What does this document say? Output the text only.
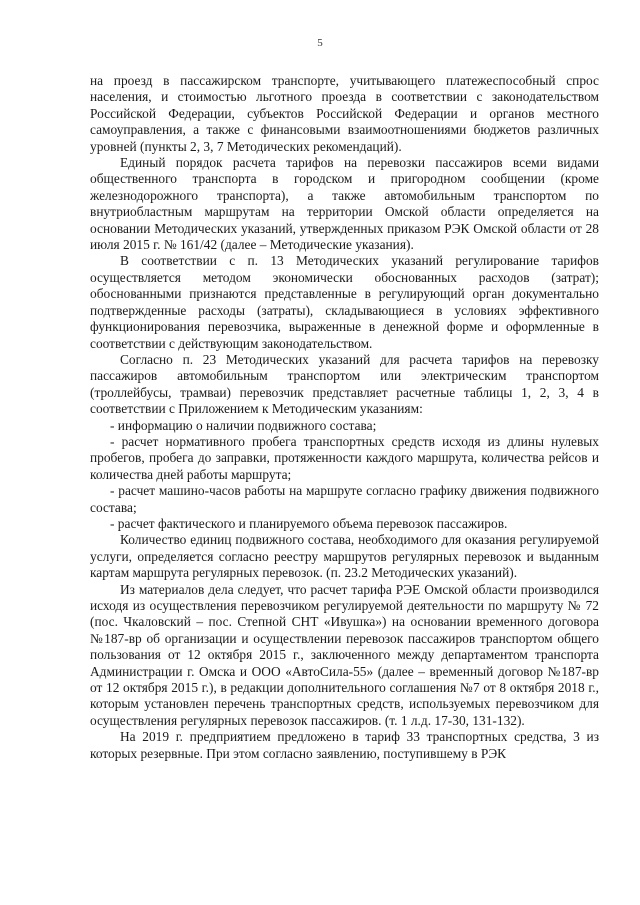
5

на проезд в пассажирском транспорте, учитывающего платежеспособный спрос населения, и стоимостью льготного проезда в соответствии с законодательством Российской Федерации, субъектов Российской Федерации и органов местного самоуправления, а также с финансовыми взаимоотношениями бюджетов различных уровней (пункты 2, 3, 7 Методических рекомендаций).

Единый порядок расчета тарифов на перевозки пассажиров всеми видами общественного транспорта в городском и пригородном сообщении (кроме железнодорожного транспорта), а также автомобильным транспортом по внутриобластным маршрутам на территории Омской области определяется на основании Методических указаний, утвержденных приказом РЭК Омской области от 28 июля 2015 г. № 161/42 (далее – Методические указания).

В соответствии с п. 13 Методических указаний регулирование тарифов осуществляется методом экономически обоснованных расходов (затрат); обоснованными признаются представленные в регулирующий орган документально подтвержденные расходы (затраты), складывающиеся в условиях эффективного функционирования перевозчика, выраженные в денежной форме и оформленные в соответствии с действующим законодательством.

Согласно п. 23 Методических указаний для расчета тарифов на перевозку пассажиров автомобильным транспортом или электрическим транспортом (троллейбусы, трамваи) перевозчик представляет расчетные таблицы 1, 2, 3, 4 в соответствии с Приложением к Методическим указаниям:

- информацию о наличии подвижного состава;

- расчет нормативного пробега транспортных средств исходя из длины нулевых пробегов, пробега до заправки, протяженности каждого маршрута, количества рейсов и количества дней работы маршрута;

- расчет машино-часов работы на маршруте согласно графику движения подвижного состава;

- расчет фактического и планируемого объема перевозок пассажиров.

Количество единиц подвижного состава, необходимого для оказания регулируемой услуги, определяется согласно реестру маршрутов регулярных перевозок и выданным картам маршрута регулярных перевозок. (п. 23.2 Методических указаний).

Из материалов дела следует, что расчет тарифа РЭЕ Омской области производился исходя из осуществления перевозчиком регулируемой деятельности по маршруту № 72 (пос. Чкаловский – пос. Степной СНТ «Ивушка») на основании временного договора №187-вр об организации и осуществлении перевозок пассажиров транспортом общего пользования от 12 октября 2015 г., заключенного между департаментом транспорта Администрации г. Омска и ООО «АвтоСила-55» (далее – временный договор №187-вр от 12 октября 2015 г.), в редакции дополнительного соглашения №7 от 8 октября 2018 г., которым установлен перечень транспортных средств, используемых перевозчиком для осуществления регулярных перевозок пассажиров. (т. 1 л.д. 17-30, 131-132).

На 2019 г. предприятием предложено в тариф 33 транспортных средства, 3 из которых резервные. При этом согласно заявлению, поступившему в РЭК
